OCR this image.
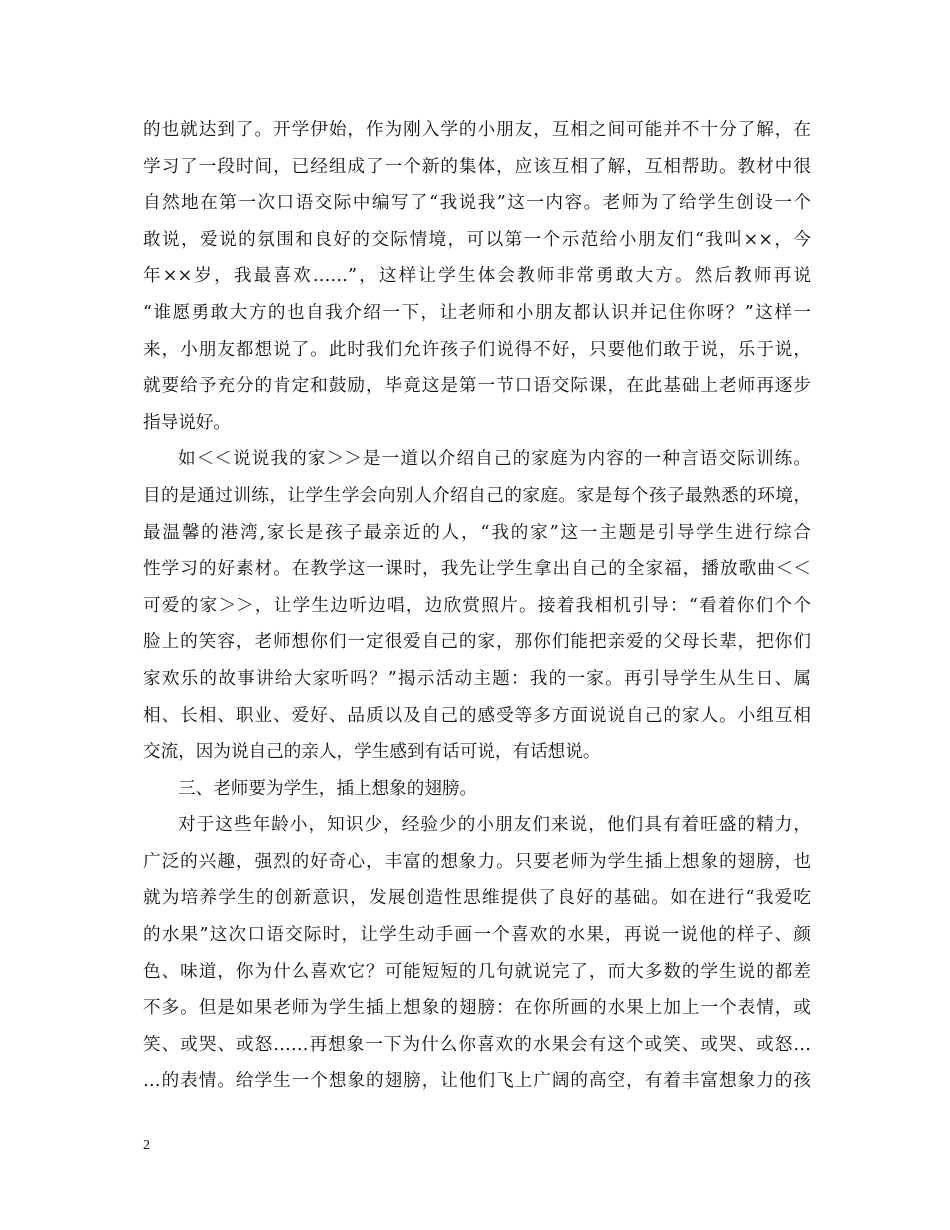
的也就达到了。开学伊始，作为刚入学的小朋友，互相之间可能并不十分了解，在
学习了一段时间，已经组成了一个新的集体，应该互相了解，互相帮助。教材中很
自然地在第一次口语交际中编写了“我说我”这一内容。老师为了给学生创设一个
敢说，爱说的氛围和良好的交际情境，可以第一个示范给小朋友们“我叫××，今
年××岁，我最喜欢……”，这样让学生体会教师非常勇敢大方。然后教师再说
“谁愿勇敢大方的也自我介绍一下，让老师和小朋友都认识并记住你呀？”这样一
来，小朋友都想说了。此时我们允许孩子们说得不好，只要他们敢于说，乐于说，
就要给予充分的肯定和鼓励，毕竟这是第一节口语交际课，在此基础上老师再逐步
指导说好。

如＜＜说说我的家＞＞是一道以介绍自己的家庭为内容的一种言语交际训练。
目的是通过训练，让学生学会向别人介绍自己的家庭。家是每个孩子最熟悉的环境，
最温馨的港湾,家长是孩子最亲近的人，“我的家”这一主题是引导学生进行综合
性学习的好素材。在教学这一课时，我先让学生拿出自己的全家福，播放歌曲＜＜
可爱的家＞＞，让学生边听边唱，边欣赏照片。接着我相机引导：“看着你们个个
脸上的笑容，老师想你们一定很爱自己的家，那你们能把亲爱的父母长辈，把你们
家欢乐的故事讲给大家听吗？”揭示活动主题：我的一家。再引导学生从生日、属
相、长相、职业、爱好、品质以及自己的感受等多方面说说自己的家人。小组互相
交流，因为说自己的亲人，学生感到有话可说，有话想说。

三、老师要为学生，插上想象的翅膀。

对于这些年龄小，知识少，经验少的小朋友们来说，他们具有着旺盛的精力，
广泛的兴趣，强烈的好奇心，丰富的想象力。只要老师为学生插上想象的翅膀，也
就为培养学生的创新意识，发展创造性思维提供了良好的基础。如在进行“我爱吃
的水果”这次口语交际时，让学生动手画一个喜欢的水果，再说一说他的样子、颜
色、味道，你为什么喜欢它？可能短短的几句就说完了，而大多数的学生说的都差
不多。但是如果老师为学生插上想象的翅膀：在你所画的水果上加上一个表情，或
笑、或哭、或怒……再想象一下为什么你喜欢的水果会有这个或笑、或哭、或怒…
…的表情。给学生一个想象的翅膀，让他们飞上广阔的高空，有着丰富想象力的孩

2
